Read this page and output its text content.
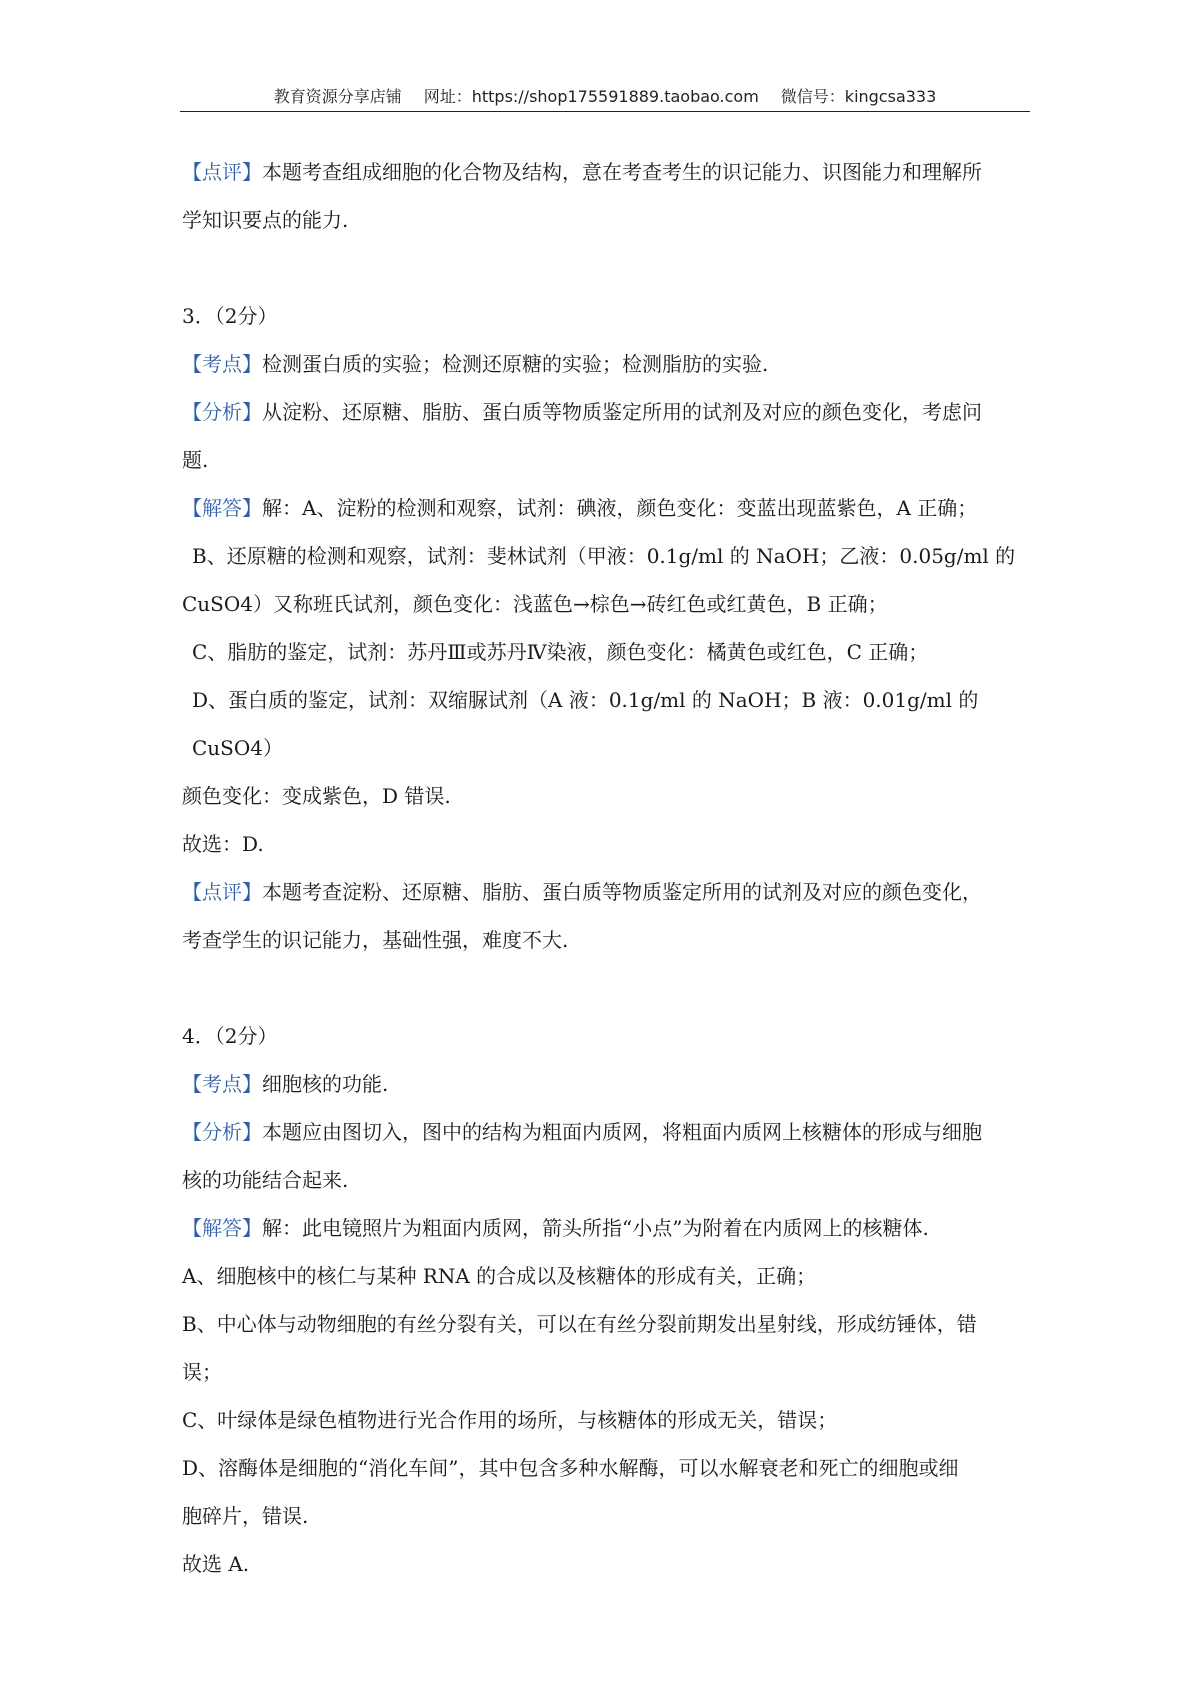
教育资源分享店铺 网址：https://shop175591889.taobao.com 微信号：kingcsa333
【点评】本题考查组成细胞的化合物及结构，意在考查考生的识记能力、识图能力和理解所
学知识要点的能力.
3．（2分）
【考点】检测蛋白质的实验；检测还原糖的实验；检测脂肪的实验.
【分析】从淀粉、还原糖、脂肪、蛋白质等物质鉴定所用的试剂及对应的颜色变化，考虑问
题.
【解答】解：A、淀粉的检测和观察，试剂：碘液，颜色变化：变蓝出现蓝紫色，A 正确；
B、还原糖的检测和观察，试剂：斐林试剂（甲液：0.1g/ml 的 NaOH；乙液：0.05g/ml 的
CuSO4）又称班氏试剂，颜色变化：浅蓝色→棕色→砖红色或红黄色，B 正确；
C、脂肪的鉴定，试剂：苏丹Ⅲ或苏丹Ⅳ染液，颜色变化：橘黄色或红色，C 正确；
D、蛋白质的鉴定，试剂：双缩脲试剂（A 液：0.1g/ml 的 NaOH；B 液：0.01g/ml 的 CuSO4）
颜色变化：变成紫色，D 错误.
故选：D.
【点评】本题考查淀粉、还原糖、脂肪、蛋白质等物质鉴定所用的试剂及对应的颜色变化，
考查学生的识记能力，基础性强，难度不大.
4．（2分）
【考点】细胞核的功能.
【分析】本题应由图切入，图中的结构为粗面内质网，将粗面内质网上核糖体的形成与细胞
核的功能结合起来.
【解答】解：此电镜照片为粗面内质网，箭头所指“小点”为附着在内质网上的核糖体.
A、细胞核中的核仁与某种 RNA 的合成以及核糖体的形成有关，正确；
B、中心体与动物细胞的有丝分裂有关，可以在有丝分裂前期发出星射线，形成纺锤体，错
误；
C、叶绿体是绿色植物进行光合作用的场所，与核糖体的形成无关，错误；
D、溶酶体是细胞的“消化车间”，其中包含多种水解酶，可以水解衰老和死亡的细胞或细
胞碎片，错误.
故选 A.
